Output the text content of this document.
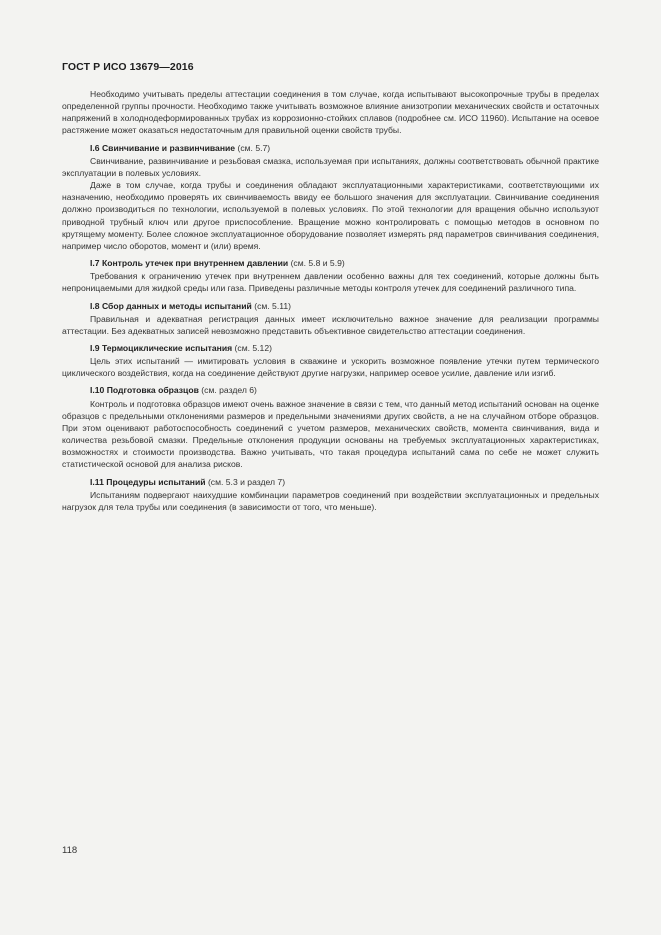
ГОСТ Р ИСО 13679—2016

Необходимо учитывать пределы аттестации соединения в том случае, когда испытывают высокопрочные трубы в пределах определенной группы прочности. Необходимо также учитывать возможное влияние анизотропии механических свойств и остаточных напряжений в холоднодеформированных трубах из коррозионно-стойких сплавов (подробнее см. ИСО 11960). Испытание на осевое растяжение может оказаться недостаточным для правильной оценки свойств трубы.

I.6 Свинчивание и развинчивание (см. 5.7)

Свинчивание, развинчивание и резьбовая смазка, используемая при испытаниях, должны соответствовать обычной практике эксплуатации в полевых условиях.

Даже в том случае, когда трубы и соединения обладают эксплуатационными характеристиками, соответствующими их назначению, необходимо проверять их свинчиваемость ввиду ее большого значения для эксплуатации. Свинчивание соединения должно производиться по технологии, используемой в полевых условиях. По этой технологии для вращения обычно используют приводной трубный ключ или другое приспособление. Вращение можно контролировать с помощью методов в основном по крутящему моменту. Более сложное эксплуатационное оборудование позволяет измерять ряд параметров свинчивания соединения, например число оборотов, момент и (или) время.

I.7 Контроль утечек при внутреннем давлении (см. 5.8 и 5.9)

Требования к ограничению утечек при внутреннем давлении особенно важны для тех соединений, которые должны быть непроницаемыми для жидкой среды или газа. Приведены различные методы контроля утечек для соединений различного типа.

I.8 Сбор данных и методы испытаний (см. 5.11)

Правильная и адекватная регистрация данных имеет исключительно важное значение для реализации программы аттестации. Без адекватных записей невозможно представить объективное свидетельство аттестации соединения.

I.9 Термоциклические испытания (см. 5.12)

Цель этих испытаний — имитировать условия в скважине и ускорить возможное появление утечки путем термического циклического воздействия, когда на соединение действуют другие нагрузки, например осевое усилие, давление или изгиб.

I.10 Подготовка образцов (см. раздел 6)

Контроль и подготовка образцов имеют очень важное значение в связи с тем, что данный метод испытаний основан на оценке образцов с предельными отклонениями размеров и предельными значениями других свойств, а не на случайном отборе образцов. При этом оценивают работоспособность соединений с учетом размеров, механических свойств, момента свинчивания, вида и количества резьбовой смазки. Предельные отклонения продукции основаны на требуемых эксплуатационных характеристиках, возможностях и стоимости производства. Важно учитывать, что такая процедура испытаний сама по себе не может служить статистической основой для анализа рисков.

I.11 Процедуры испытаний (см. 5.3 и раздел 7)

Испытаниям подвергают наихудшие комбинации параметров соединений при воздействии эксплуатационных и предельных нагрузок для тела трубы или соединения (в зависимости от того, что меньше).

118
